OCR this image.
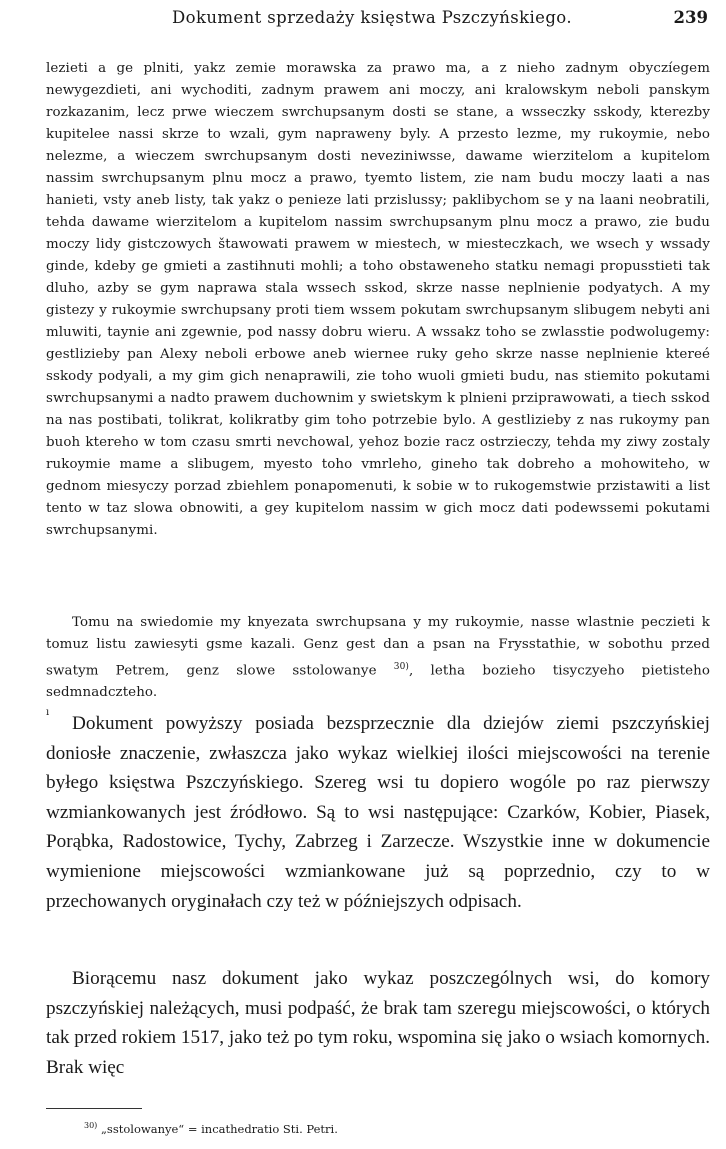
Dokument sprzedaży księstwa Pszczyńskiego.	239

lezieti a ge plniti, yakz zemie morawska za prawo ma, a z nieho zadnym obyczíegem newygezdieti, ani wychoditi, zadnym prawem ani moczy, ani kralowskym neboli panskym rozkazanim, lecz prwe wieczem swrchupsanym dosti se stane, a wsseczky sskody, kterezby kupitelee nassi skrze to wzali, gym napraweny byly. A przesto lezme, my rukoymie, nebo nelezme, a wieczem swrchupsanym dosti neveziniwsse, dawame wierzitelom a kupitelom nassim swrchupsanym plnu mocz a prawo, tyemto listem, zie nam budu moczy laati a nas hanieti, vsty aneb listy, tak yakz o penieze lati przislussy; paklibychom se y na laani neobratili, tehda dawame wierzitelom a kupitelom nassim swrchupsanym plnu mocz a prawo, zie budu moczy lidy gistczowych štawowati prawem w miestech, w miesteczkach, we wsech y wssady ginde, kdeby ge gmieti a zastihnuti mohli; a toho obstaweneho statku nemagi propusstieti tak dluho, azby se gym naprawa stala wssech sskod, skrze nasse neplnienie podyatych. A my gistezy y rukoymie swrchupsany proti tiem wssem pokutam swrchupsanym slibugem nebyti ani mluwiti, taynie ani zgewnie, pod nassy dobru wieru. A wssakz toho se zwlasstie podwolugemy: gestlizieby pan Alexy neboli erbowe aneb wiernee ruky geho skrze nasse neplnienie ktereé sskody podyali, a my gim gich nenaprawili, zie toho wuoli gmieti budu, nas stiemito pokutami swrchupsanymi a nadto prawem duchownim y swietskym k plnieni prziprawowati, a tiech sskod na nas postibati, tolikrat, kolikratby gim toho potrzebie bylo. A gestlizieby z nas rukoymy pan buoh ktereho w tom czasu smrti nevchowal, yehoz bozie racz ostrzieczy, tehda my ziwy zostaly rukoymie mame a slibugem, myesto toho vmrleho, gineho tak dobreho a mohowiteho, w gednom miesyczy porzad zbiehlem ponapomenuti, k sobie w to rukogemstwie przistawiti a list tento w taz slowa obnowiti, a gey kupitelom nassim w gich mocz dati podewssemi pokutami swrchupsanymi.

Tomu na swiedomie my knyezata swrchupsana y my rukoymie, nasse wlastnie peczieti k tomuz listu zawiesyti gsme kazali. Genz gest dan a psan na Frysstathie, w sobothu przed swatym Petrem, genz slowe sstolowanye $^{30)}$, letha bozieho tisyczyeho pietisteho sedmnadczteho.

ı

Dokument powyższy posiada bezsprzecznie dla dziejów ziemi pszczyńskiej doniosłe znaczenie, zwłaszcza jako wykaz wielkiej ilości miejscowości na terenie byłego księstwa Pszczyńskiego. Szereg wsi tu dopiero wogóle po raz pierwszy wzmiankowanych jest źródłowo. Są to wsi następujące: Czarków, Kobier, Piasek, Porąbka, Radostowice, Tychy, Zabrzeg i Zarzecze. Wszystkie inne w dokumencie wymienione miejscowości wzmiankowane już są poprzednio, czy to w przechowanych oryginałach czy też w późniejszych odpisach.

Biorącemu nasz dokument jako wykaz poszczególnych wsi, do komory pszczyńskiej należących, musi podpaść, że brak tam szeregu miejscowości, o których tak przed rokiem 1517, jako też po tym roku, wspomina się jako o wsiach komornych. Brak więc

$^{30)}$ „sstolowanye“ = incathedratio Sti. Petri.
